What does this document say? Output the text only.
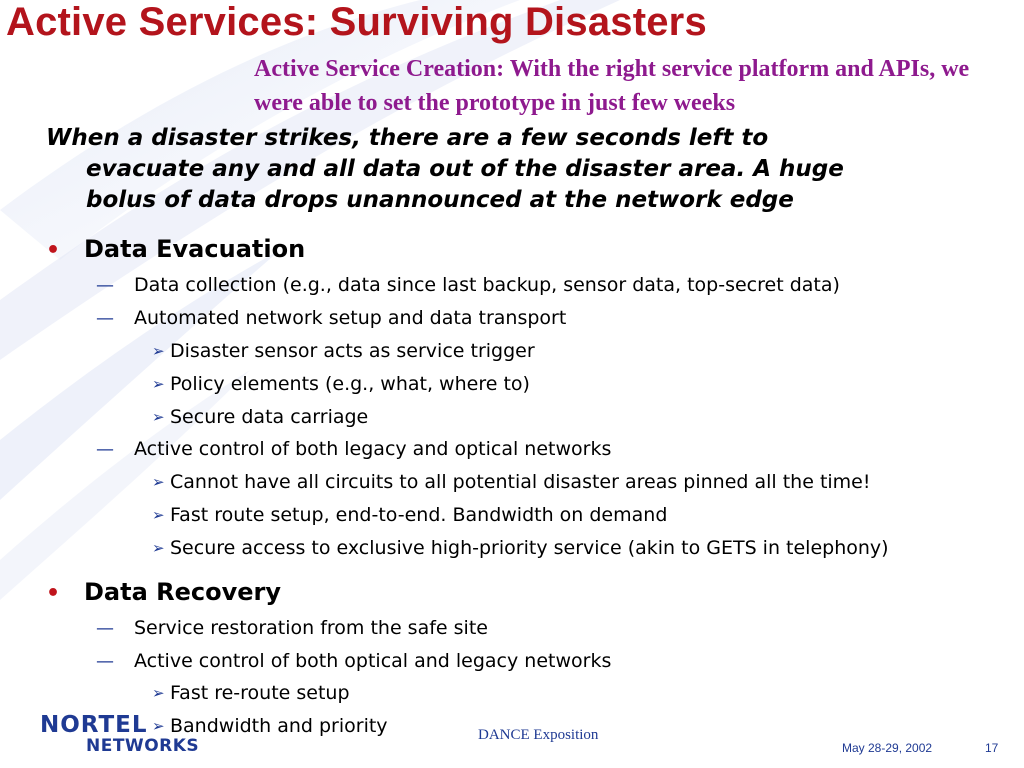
Active Services: Surviving Disasters
Active Service Creation: With the right service platform and APIs, we were able to set the prototype in just few weeks
When a disaster strikes, there are a few seconds left to
evacuate any and all data out of the disaster area. A huge
bolus of data drops unannounced at the network edge
• Data Evacuation
— Data collection (e.g., data since last backup, sensor data, top-secret data)
— Automated network setup and data transport
➢ Disaster sensor acts as service trigger
➢ Policy elements (e.g., what, where to)
➢ Secure data carriage
— Active control of both legacy and optical networks
➢ Cannot have all circuits to all potential disaster areas pinned all the time!
➢ Fast route setup, end-to-end. Bandwidth on demand
➢ Secure access to exclusive high-priority service (akin to GETS in telephony)
• Data Recovery
— Service restoration from the safe site
— Active control of both optical and legacy networks
➢ Fast re-route setup
NORTEL
NETWORKS
➢ Bandwidth and priority	DANCE Exposition
May 28-29, 2002	17
